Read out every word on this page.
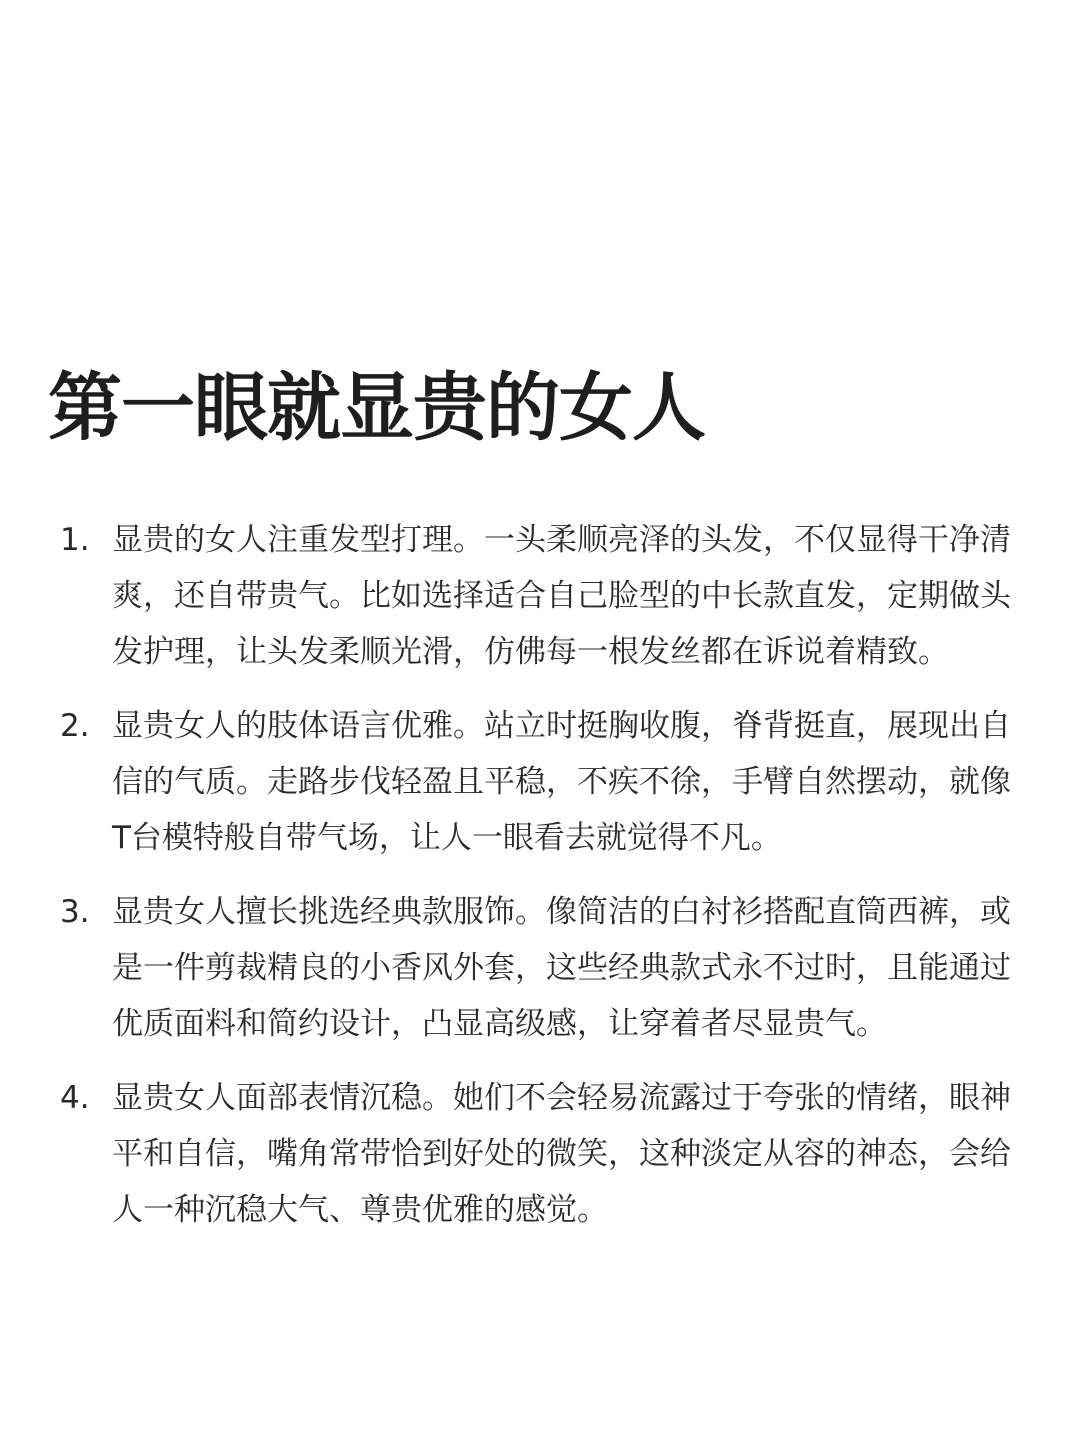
第一眼就显贵的女人
1. 显贵的女人注重发型打理。一头柔顺亮泽的头发，不仅显得干净清爽，还自带贵气。比如选择适合自己脸型的中长款直发，定期做头发护理，让头发柔顺光滑，仿佛每一根发丝都在诉说着精致。

2. 显贵女人的肢体语言优雅。站立时挺胸收腹，脊背挺直，展现出自信的气质。走路步伐轻盈且平稳，不疾不徐，手臂自然摆动，就像T台模特般自带气场，让人一眼看去就觉得不凡。

3. 显贵女人擅长挑选经典款服饰。像简洁的白衬衫搭配直筒西裤，或是一件剪裁精良的小香风外套，这些经典款式永不过时，且能通过优质面料和简约设计，凸显高级感，让穿着者尽显贵气。

4. 显贵女人面部表情沉稳。她们不会轻易流露过于夸张的情绪，眼神平和自信，嘴角常带恰到好处的微笑，这种淡定从容的神态，会给人一种沉稳大气、尊贵优雅的感觉。
